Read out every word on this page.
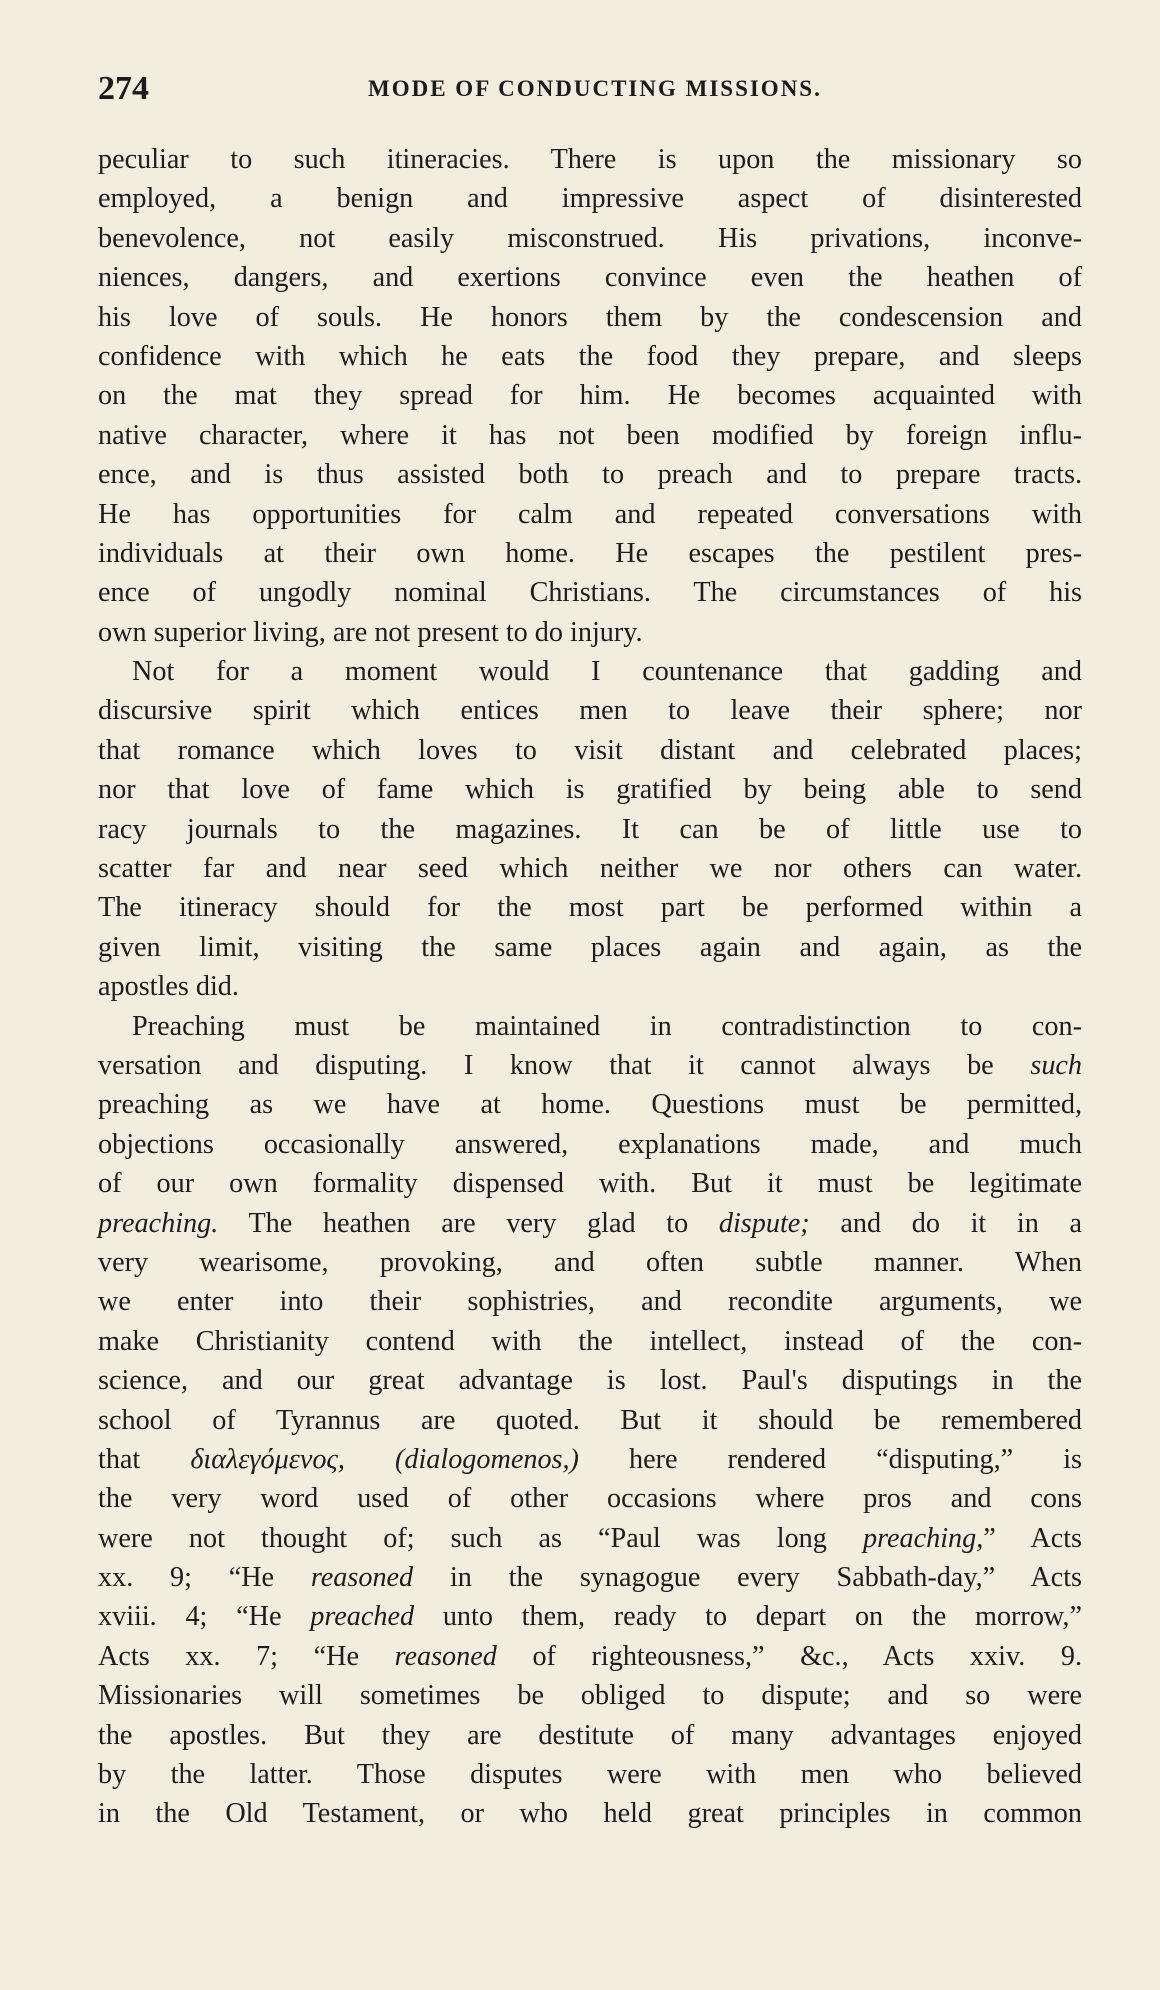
274	MODE OF CONDUCTING MISSIONS.
peculiar to such itineracies. There is upon the missionary so
employed, a benign and impressive aspect of disinterested
benevolence, not easily misconstrued. His privations, inconve-
niences, dangers, and exertions convince even the heathen of
his love of souls. He honors them by the condescension and
confidence with which he eats the food they prepare, and sleeps
on the mat they spread for him. He becomes acquainted with
native character, where it has not been modified by foreign influ-
ence, and is thus assisted both to preach and to prepare tracts.
He has opportunities for calm and repeated conversations with
individuals at their own home. He escapes the pestilent pres-
ence of ungodly nominal Christians. The circumstances of his
own superior living, are not present to do injury.
Not for a moment would I countenance that gadding and
discursive spirit which entices men to leave their sphere; nor
that romance which loves to visit distant and celebrated places;
nor that love of fame which is gratified by being able to send
racy journals to the magazines. It can be of little use to
scatter far and near seed which neither we nor others can water.
The itineracy should for the most part be performed within a
given limit, visiting the same places again and again, as the
apostles did.
Preaching must be maintained in contradistinction to con-
versation and disputing. I know that it cannot always be such
preaching as we have at home. Questions must be permitted,
objections occasionally answered, explanations made, and much
of our own formality dispensed with. But it must be legitimate
preaching. The heathen are very glad to dispute; and do it in a
very wearisome, provoking, and often subtle manner. When
we enter into their sophistries, and recondite arguments, we
make Christianity contend with the intellect, instead of the con-
science, and our great advantage is lost. Paul's disputings in the
school of Tyrannus are quoted. But it should be remembered
that διαλεγόμενος, (dialogomenos,) here rendered “disputing,” is
the very word used of other occasions where pros and cons
were not thought of; such as “Paul was long preaching,” Acts
xx. 9; “He reasoned in the synagogue every Sabbath-day,” Acts
xviii. 4; “He preached unto them, ready to depart on the morrow,”
Acts xx. 7; “He reasoned of righteousness,” &c., Acts xxiv. 9.
Missionaries will sometimes be obliged to dispute; and so were
the apostles. But they are destitute of many advantages enjoyed
by the latter. Those disputes were with men who believed
in the Old Testament, or who held great principles in common
